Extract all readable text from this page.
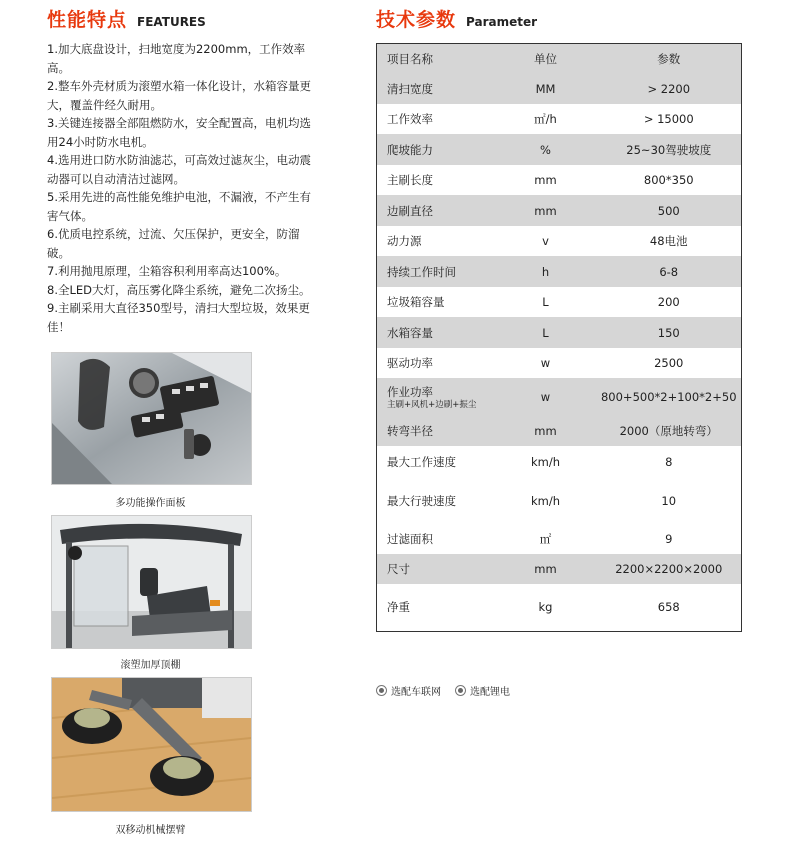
性能特点 FEATURES
1.加大底盘设计，扫地宽度为2200mm，工作效率高。
2.整车外壳材质为滚塑水箱一体化设计，水箱容量更大，覆盖件经久耐用。
3.关键连接器全部阻燃防水，安全配置高，电机均选用24小时防水电机。
4.选用进口防水防油滤芯，可高效过滤灰尘，电动震动器可以自动清洁过滤网。
5.采用先进的高性能免维护电池，不漏液，不产生有害气体。
6.优质电控系统，过流、欠压保护，更安全，防溜破。
7.利用抛甩原理，尘箱容积利用率高达100%。
8.全LED大灯，高压雾化降尘系统，避免二次扬尘。
9.主刷采用大直径350型号，清扫大型垃圾，效果更佳！
多功能操作面板
滚塑加厚顶棚
双移动机械摆臂
技术参数 Parameter
项目名称	单位	参数
清扫宽度	MM	> 2200
工作效率	㎡/h	> 15000
爬坡能力	%	25~30驾驶坡度
主刷长度	mm	800*350
边刷直径	mm	500
动力源	v	48电池
持续工作时间	h	6-8
垃圾箱容量	L	200
水箱容量	L	150
驱动功率	w	2500
作业功率
主刷+风机+边刷+振尘	w	800+500*2+100*2+50
转弯半径	mm	2000（原地转弯）
最大工作速度	km/h	8
最大行驶速度	km/h	10
过滤面积	㎡	9
尺寸	mm	2200×2200×2000
净重	kg	658
选配车联网	选配锂电
